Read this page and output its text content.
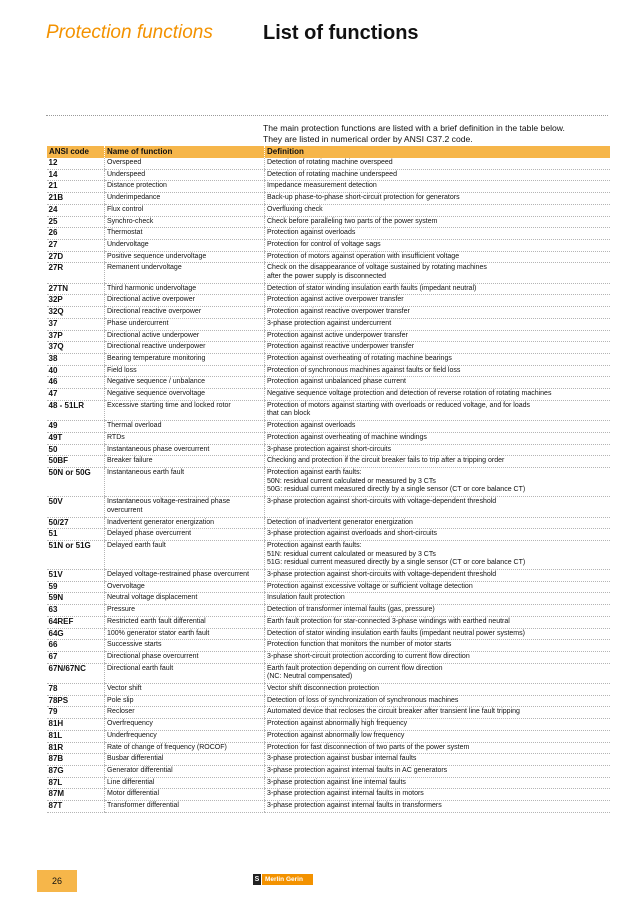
Protection functions	List of functions
The main protection functions are listed with a brief definition in the table below.
They are listed in numerical order by ANSI C37.2 code.
ANSI code	Name of function	Definition
12	Overspeed	Detection of rotating machine overspeed

14	Underspeed	Detection of rotating machine underspeed

21	Distance protection	Impedance measurement detection

21B	Underimpedance	Back-up phase-to-phase short-circuit protection for generators

24	Flux control	Overfluxing check

25	Synchro-check	Check before paralleling two parts of the power system

26	Thermostat	Protection against overloads

27	Undervoltage	Protection for control of voltage sags

27D	Positive sequence undervoltage	Protection of motors against operation with insufficient voltage

27R	Remanent undervoltage	Check on the disappearance of voltage sustained by rotating machines
after the power supply is disconnected

27TN	Third harmonic undervoltage	Detection of stator winding insulation earth faults (impedant neutral)

32P	Directional active overpower	Protection against active overpower transfer

32Q	Directional reactive overpower	Protection against reactive overpower transfer

37	Phase undercurrent	3-phase protection against undercurrent

37P	Directional active underpower	Protection against active underpower transfer

37Q	Directional reactive underpower	Protection against reactive underpower transfer

38	Bearing temperature monitoring	Protection against overheating of rotating machine bearings

40	Field loss	Protection of synchronous machines against faults or field loss

46	Negative sequence / unbalance	Protection against unbalanced phase current

47	Negative sequence overvoltage	Negative sequence voltage protection and detection of reverse rotation of rotating machines

48 - 51LR	Excessive starting time and locked rotor	Protection of motors against starting with overloads or reduced voltage, and for loads
that can block

49	Thermal overload	Protection against overloads

49T	RTDs	Protection against overheating of machine windings

50	Instantaneous phase overcurrent	3-phase protection against short-circuits

50BF	Breaker failure	Checking and protection if the circuit breaker fails to trip after a tripping order

50N or 50G	Instantaneous earth fault	Protection against earth faults:
50N: residual current calculated or measured by 3 CTs
50G: residual current measured directly by a single sensor (CT or core balance CT)

50V	Instantaneous voltage-restrained phase
overcurrent	3-phase protection against short-circuits with voltage-dependent threshold

50/27	Inadvertent generator energization	Detection of inadvertent generator energization

51	Delayed phase overcurrent	3-phase protection against overloads and short-circuits

51N or 51G	Delayed earth fault	Protection against earth faults:
51N: residual current calculated or measured by 3 CTs
51G: residual current measured directly by a single sensor (CT or core balance CT)

51V	Delayed voltage-restrained phase overcurrent	3-phase protection against short-circuits with voltage-dependent threshold

59	Overvoltage	Protection against excessive voltage or sufficient voltage detection

59N	Neutral voltage displacement	Insulation fault protection

63	Pressure	Detection of transformer internal faults (gas, pressure)

64REF	Restricted earth fault differential	Earth fault protection for star-connected 3-phase windings with earthed neutral

64G	100% generator stator earth fault	Detection of stator winding insulation earth faults (impedant neutral power systems)

66	Successive starts	Protection function that monitors the number of motor starts

67	Directional phase overcurrent	3-phase short-circuit protection according to current flow direction

67N/67NC	Directional earth fault	Earth fault protection depending on current flow direction
(NC: Neutral compensated)

78	Vector shift	Vector shift disconnection protection

78PS	Pole slip	Detection of loss of synchronization of synchronous machines

79	Recloser	Automated device that recloses the circuit breaker after transient line fault tripping

81H	Overfrequency	Protection against abnormally high frequency

81L	Underfrequency	Protection against abnormally low frequency

81R	Rate of change of frequency (ROCOF)	Protection for fast disconnection of two parts of the power system

87B	Busbar differential	3-phase protection against busbar internal faults

87G	Generator differential	3-phase protection against internal faults in AC generators

87L	Line differential	3-phase protection against line internal faults

87M	Motor differential	3-phase protection against internal faults in motors

87T	Transformer differential	3-phase protection against internal faults in transformers
26	S Merlin Gerin
